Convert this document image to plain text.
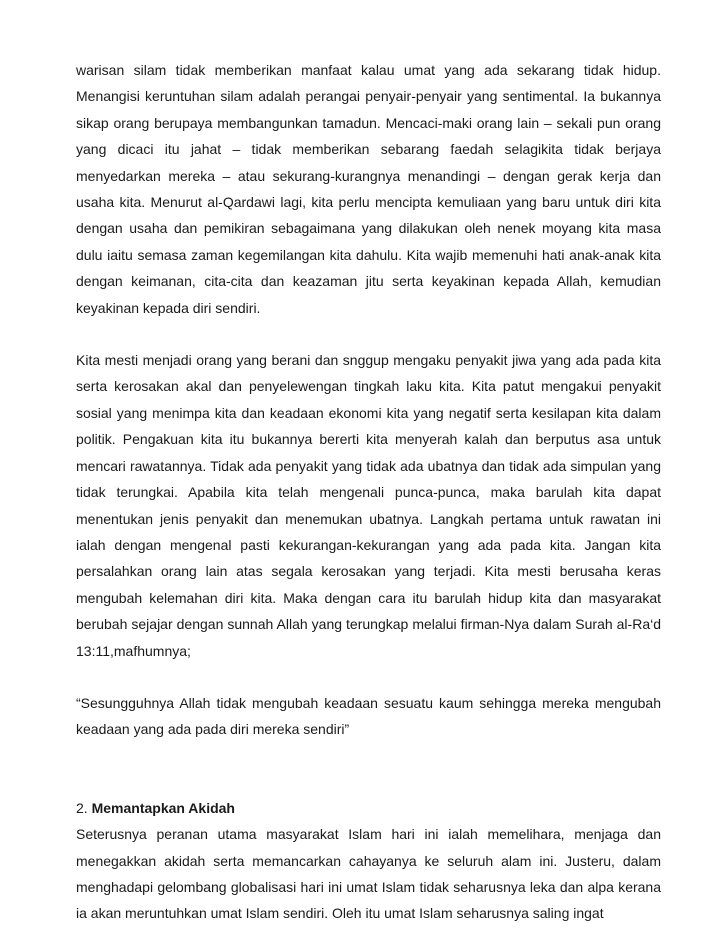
warisan silam tidak memberikan manfaat kalau umat yang ada sekarang tidak hidup. Menangisi keruntuhan silam adalah perangai penyair-penyair yang sentimental. Ia bukannya sikap orang berupaya membangunkan tamadun. Mencaci-maki orang lain – sekali pun orang yang dicaci itu jahat – tidak memberikan sebarang faedah selagikita tidak berjaya menyedarkan mereka – atau sekurang-kurangnya menandingi – dengan gerak kerja dan usaha kita. Menurut al-Qardawi lagi, kita perlu mencipta kemuliaan yang baru untuk diri kita dengan usaha dan pemikiran sebagaimana yang dilakukan oleh nenek moyang kita masa dulu iaitu semasa zaman kegemilangan kita dahulu. Kita wajib memenuhi hati anak-anak kita dengan keimanan, cita-cita dan keazaman jitu serta keyakinan kepada Allah, kemudian keyakinan kepada diri sendiri.

Kita mesti menjadi orang yang berani dan snggup mengaku penyakit jiwa yang ada pada kita serta kerosakan akal dan penyelewengan tingkah laku kita. Kita patut mengakui penyakit sosial yang menimpa kita dan keadaan ekonomi kita yang negatif serta kesilapan kita dalam politik. Pengakuan kita itu bukannya bererti kita menyerah kalah dan berputus asa untuk mencari rawatannya. Tidak ada penyakit yang tidak ada ubatnya dan tidak ada simpulan yang tidak terungkai. Apabila kita telah mengenali punca-punca, maka barulah kita dapat menentukan jenis penyakit dan menemukan ubatnya. Langkah pertama untuk rawatan ini ialah dengan mengenal pasti kekurangan-kekurangan yang ada pada kita. Jangan kita persalahkan orang lain atas segala kerosakan yang terjadi. Kita mesti berusaha keras mengubah kelemahan diri kita. Maka dengan cara itu barulah hidup kita dan masyarakat berubah sejajar dengan sunnah Allah yang terungkap melalui firman-Nya dalam Surah al-Ra‘d 13:11,mafhumnya;

“Sesungguhnya Allah tidak mengubah keadaan sesuatu kaum sehingga mereka mengubah keadaan yang ada pada diri mereka sendiri”

2. Memantapkan Akidah

Seterusnya peranan utama masyarakat Islam hari ini ialah memelihara, menjaga dan menegakkan akidah serta memancarkan cahayanya ke seluruh alam ini. Justeru, dalam menghadapi gelombang globalisasi hari ini umat Islam tidak seharusnya leka dan alpa kerana ia akan meruntuhkan umat Islam sendiri. Oleh itu umat Islam seharusnya saling ingat
